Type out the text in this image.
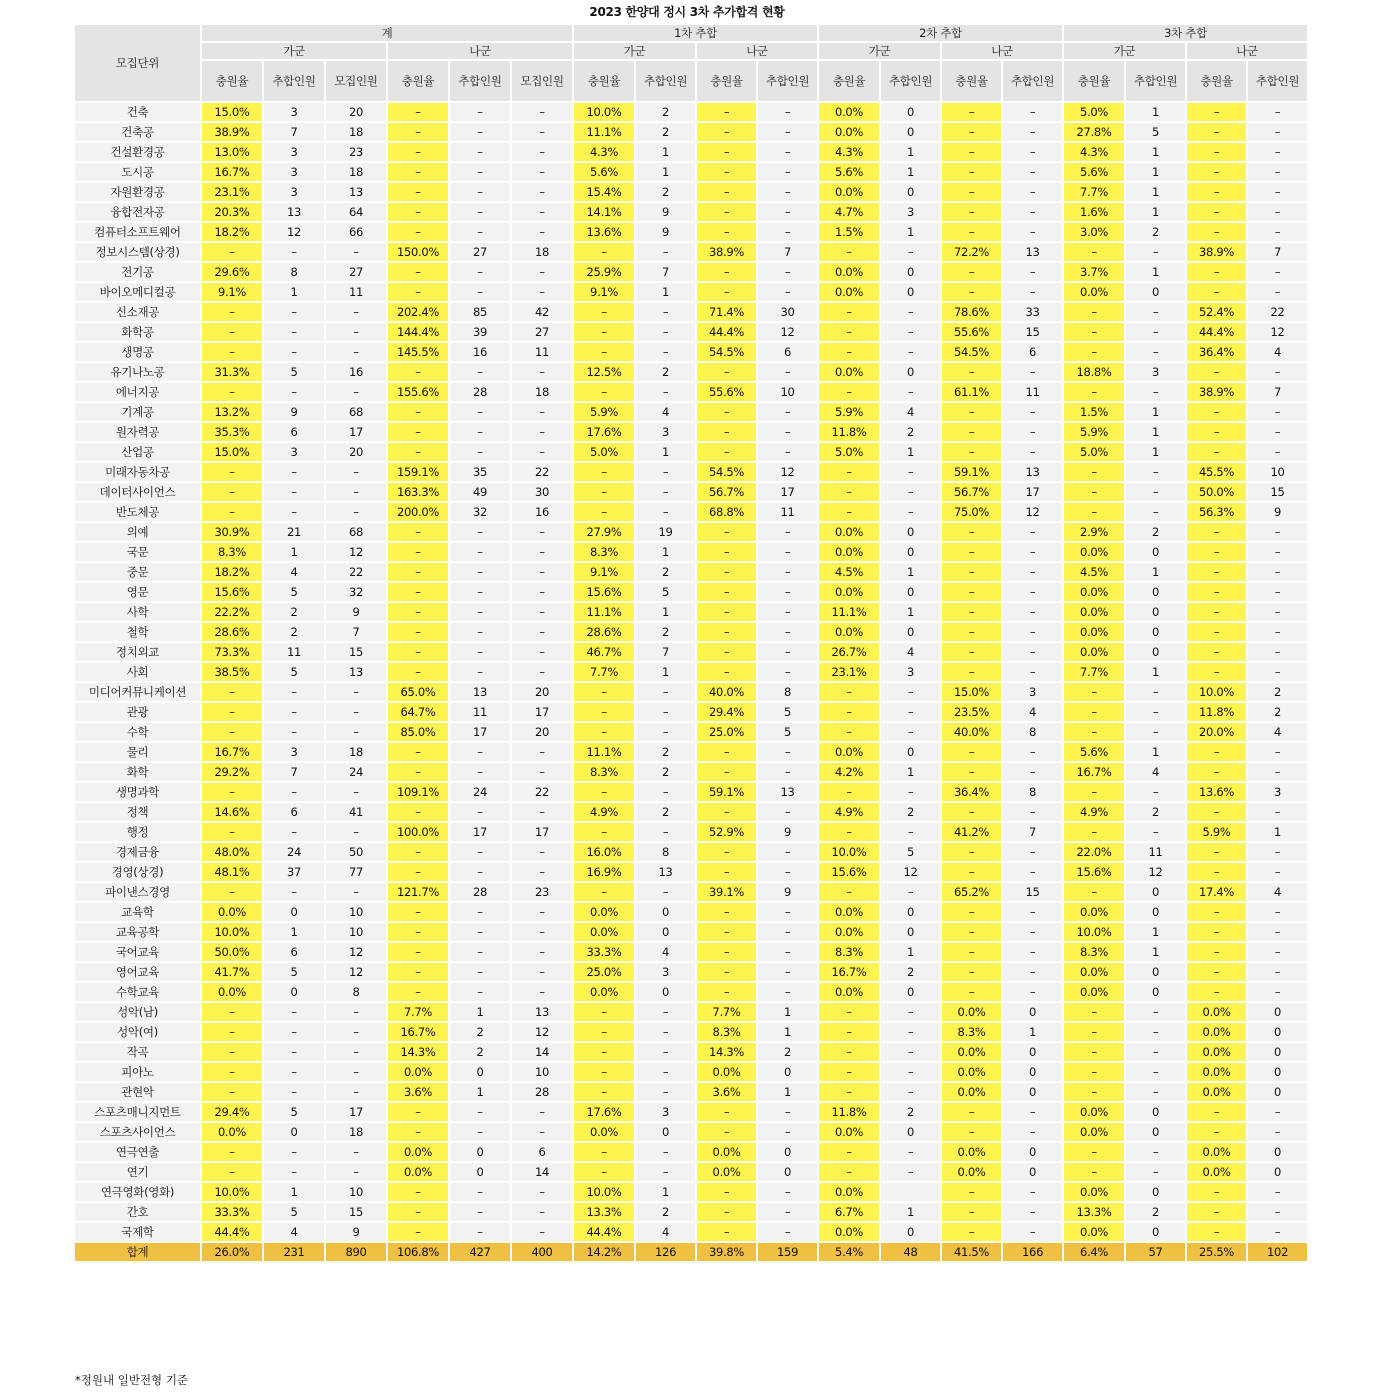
2023 한양대 정시 3차 추가합격 현황
모집단위	계						1차 추합				2차 추합				3차 추합			
	가군			나군			가군		나군		가군		나군		가군		나군	
	충원율	추합인원	모집인원	충원율	추합인원	모집인원	충원율	추합인원	충원율	추합인원	충원율	추합인원	충원율	추합인원	충원율	추합인원	충원율	추합인원
건축	15.0%	3	20	–	–	–	10.0%	2	–	–	0.0%	0	–	–	5.0%	1	–	–
건축공	38.9%	7	18	–	–	–	11.1%	2	–	–	0.0%	0	–	–	27.8%	5	–	–
건설환경공	13.0%	3	23	–	–	–	4.3%	1	–	–	4.3%	1	–	–	4.3%	1	–	–
도시공	16.7%	3	18	–	–	–	5.6%	1	–	–	5.6%	1	–	–	5.6%	1	–	–
자원환경공	23.1%	3	13	–	–	–	15.4%	2	–	–	0.0%	0	–	–	7.7%	1	–	–
융합전자공	20.3%	13	64	–	–	–	14.1%	9	–	–	4.7%	3	–	–	1.6%	1	–	–
컴퓨터소프트웨어	18.2%	12	66	–	–	–	13.6%	9	–	–	1.5%	1	–	–	3.0%	2	–	–
정보시스템(상경)	–	–	–	150.0%	27	18	–	–	38.9%	7	–	–	72.2%	13	–	–	38.9%	7
전기공	29.6%	8	27	–	–	–	25.9%	7	–	–	0.0%	0	–	–	3.7%	1	–	–
바이오메디컬공	9.1%	1	11	–	–	–	9.1%	1	–	–	0.0%	0	–	–	0.0%	0	–	–
신소재공	–	–	–	202.4%	85	42	–	–	71.4%	30	–	–	78.6%	33	–	–	52.4%	22
화학공	–	–	–	144.4%	39	27	–	–	44.4%	12	–	–	55.6%	15	–	–	44.4%	12
생명공	–	–	–	145.5%	16	11	–	–	54.5%	6	–	–	54.5%	6	–	–	36.4%	4
유기나노공	31.3%	5	16	–	–	–	12.5%	2	–	–	0.0%	0	–	–	18.8%	3	–	–
에너지공	–	–	–	155.6%	28	18	–	–	55.6%	10	–	–	61.1%	11	–	–	38.9%	7
기계공	13.2%	9	68	–	–	–	5.9%	4	–	–	5.9%	4	–	–	1.5%	1	–	–
원자력공	35.3%	6	17	–	–	–	17.6%	3	–	–	11.8%	2	–	–	5.9%	1	–	–
산업공	15.0%	3	20	–	–	–	5.0%	1	–	–	5.0%	1	–	–	5.0%	1	–	–
미래자동차공	–	–	–	159.1%	35	22	–	–	54.5%	12	–	–	59.1%	13	–	–	45.5%	10
데이터사이언스	–	–	–	163.3%	49	30	–	–	56.7%	17	–	–	56.7%	17	–	–	50.0%	15
반도체공	–	–	–	200.0%	32	16	–	–	68.8%	11	–	–	75.0%	12	–	–	56.3%	9
의예	30.9%	21	68	–	–	–	27.9%	19	–	–	0.0%	0	–	–	2.9%	2	–	–
국문	8.3%	1	12	–	–	–	8.3%	1	–	–	0.0%	0	–	–	0.0%	0	–	–
중문	18.2%	4	22	–	–	–	9.1%	2	–	–	4.5%	1	–	–	4.5%	1	–	–
영문	15.6%	5	32	–	–	–	15.6%	5	–	–	0.0%	0	–	–	0.0%	0	–	–
사학	22.2%	2	9	–	–	–	11.1%	1	–	–	11.1%	1	–	–	0.0%	0	–	–
철학	28.6%	2	7	–	–	–	28.6%	2	–	–	0.0%	0	–	–	0.0%	0	–	–
정치외교	73.3%	11	15	–	–	–	46.7%	7	–	–	26.7%	4	–	–	0.0%	0	–	–
사회	38.5%	5	13	–	–	–	7.7%	1	–	–	23.1%	3	–	–	7.7%	1	–	–
미디어커뮤니케이션	–	–	–	65.0%	13	20	–	–	40.0%	8	–	–	15.0%	3	–	–	10.0%	2
관광	–	–	–	64.7%	11	17	–	–	29.4%	5	–	–	23.5%	4	–	–	11.8%	2
수학	–	–	–	85.0%	17	20	–	–	25.0%	5	–	–	40.0%	8	–	–	20.0%	4
물리	16.7%	3	18	–	–	–	11.1%	2	–	–	0.0%	0	–	–	5.6%	1	–	–
화학	29.2%	7	24	–	–	–	8.3%	2	–	–	4.2%	1	–	–	16.7%	4	–	–
생명과학	–	–	–	109.1%	24	22	–	–	59.1%	13	–	–	36.4%	8	–	–	13.6%	3
정책	14.6%	6	41	–	–	–	4.9%	2	–	–	4.9%	2	–	–	4.9%	2	–	–
행정	–	–	–	100.0%	17	17	–	–	52.9%	9	–	–	41.2%	7	–	–	5.9%	1
경제금융	48.0%	24	50	–	–	–	16.0%	8	–	–	10.0%	5	–	–	22.0%	11	–	–
경영(상경)	48.1%	37	77	–	–	–	16.9%	13	–	–	15.6%	12	–	–	15.6%	12	–	–
파이낸스경영	–	–	–	121.7%	28	23	–	–	39.1%	9	–	–	65.2%	15	–	0	17.4%	4
교육학	0.0%	0	10	–	–	–	0.0%	0	–	–	0.0%	0	–	–	0.0%	0	–	–
교육공학	10.0%	1	10	–	–	–	0.0%	0	–	–	0.0%	0	–	–	10.0%	1	–	–
국어교육	50.0%	6	12	–	–	–	33.3%	4	–	–	8.3%	1	–	–	8.3%	1	–	–
영어교육	41.7%	5	12	–	–	–	25.0%	3	–	–	16.7%	2	–	–	0.0%	0	–	–
수학교육	0.0%	0	8	–	–	–	0.0%	0	–	–	0.0%	0	–	–	0.0%	0	–	–
성악(남)	–	–	–	7.7%	1	13	–	–	7.7%	1	–	–	0.0%	0	–	–	0.0%	0
성악(여)	–	–	–	16.7%	2	12	–	–	8.3%	1	–	–	8.3%	1	–	–	0.0%	0
작곡	–	–	–	14.3%	2	14	–	–	14.3%	2	–	–	0.0%	0	–	–	0.0%	0
피아노	–	–	–	0.0%	0	10	–	–	0.0%	0	–	–	0.0%	0	–	–	0.0%	0
관현악	–	–	–	3.6%	1	28	–	–	3.6%	1	–	–	0.0%	0	–	–	0.0%	0
스포츠매니지먼트	29.4%	5	17	–	–	–	17.6%	3	–	–	11.8%	2	–	–	0.0%	0	–	–
스포츠사이언스	0.0%	0	18	–	–	–	0.0%	0	–	–	0.0%	0	–	–	0.0%	0	–	–
연극연출	–	–	–	0.0%	0	6	–	–	0.0%	0	–	–	0.0%	0	–	–	0.0%	0
연기	–	–	–	0.0%	0	14	–	–	0.0%	0	–	–	0.0%	0	–	–	0.0%	0
연극영화(영화)	10.0%	1	10	–	–	–	10.0%	1	–	–	0.0%		–	–	0.0%	0	–	–
간호	33.3%	5	15	–	–	–	13.3%	2	–	–	6.7%	1	–	–	13.3%	2	–	–
국제학	44.4%	4	9	–	–	–	44.4%	4	–	–	0.0%	0	–	–	0.0%	0	–	–
합계	26.0%	231	890	106.8%	427	400	14.2%	126	39.8%	159	5.4%	48	41.5%	166	6.4%	57	25.5%	102
*정원내 일반전형 기준
